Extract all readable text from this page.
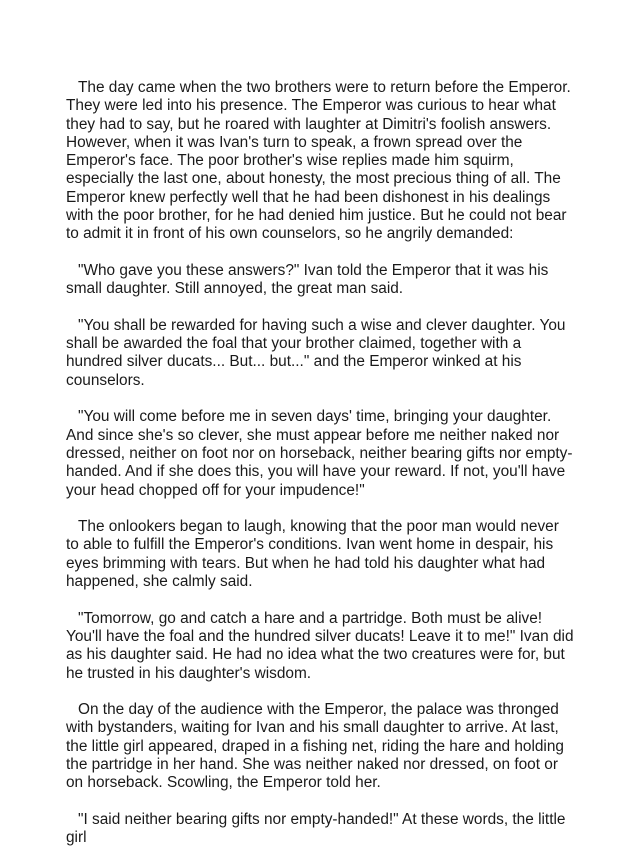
The day came when the two brothers were to return before the Emperor. They were led into his presence. The Emperor was curious to hear what they had to say, but he roared with laughter at Dimitri's foolish answers. However, when it was Ivan's turn to speak, a frown spread over the Emperor's face. The poor brother's wise replies made him squirm, especially the last one, about honesty, the most precious thing of all. The Emperor knew perfectly well that he had been dishonest in his dealings with the poor brother, for he had denied him justice. But he could not bear to admit it in front of his own counselors, so he angrily demanded:

"Who gave you these answers?" Ivan told the Emperor that it was his small daughter. Still annoyed, the great man said.

"You shall be rewarded for having such a wise and clever daughter. You shall be awarded the foal that your brother claimed, together with a hundred silver ducats... But... but..." and the Emperor winked at his counselors.

"You will come before me in seven days' time, bringing your daughter. And since she's so clever, she must appear before me neither naked nor dressed, neither on foot nor on horseback, neither bearing gifts nor empty-handed. And if she does this, you will have your reward. If not, you'll have your head chopped off for your impudence!"

The onlookers began to laugh, knowing that the poor man would never to able to fulfill the Emperor's conditions. Ivan went home in despair, his eyes brimming with tears. But when he had told his daughter what had happened, she calmly said.

"Tomorrow, go and catch a hare and a partridge. Both must be alive! You'll have the foal and the hundred silver ducats! Leave it to me!" Ivan did as his daughter said. He had no idea what the two creatures were for, but he trusted in his daughter's wisdom.

On the day of the audience with the Emperor, the palace was thronged with bystanders, waiting for Ivan and his small daughter to arrive. At last, the little girl appeared, draped in a fishing net, riding the hare and holding the partridge in her hand. She was neither naked nor dressed, on foot or on horseback. Scowling, the Emperor told her.

"I said neither bearing gifts nor empty-handed!" At these words, the little girl
